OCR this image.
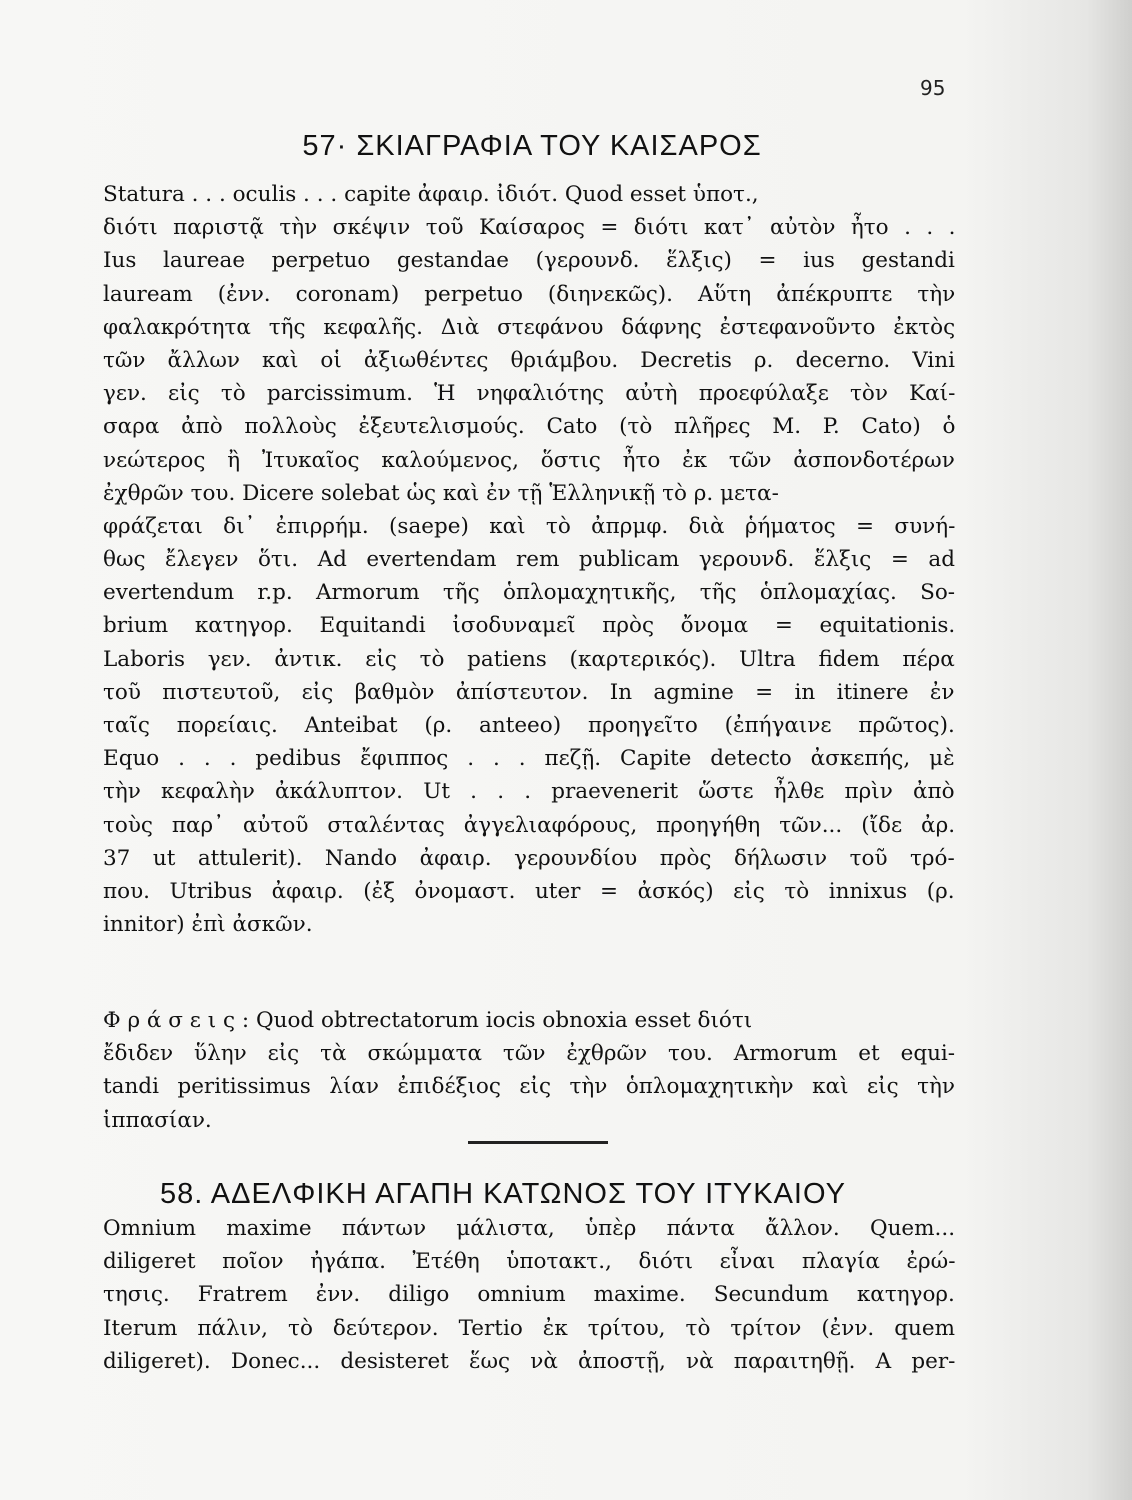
95
57· ΣΚΙΑΓΡΑΦΙΑ ΤΟΥ ΚΑΙΣΑΡΟΣ
Statura . . . oculis . . . capite ἀφαιρ. ἰδιότ. Quod esset ὑποτ.,
διότι παριστᾷ τὴν σκέψιν τοῦ Καίσαρος = διότι κατ᾽ αὐτὸν ἦτο . . .
Ius laureae perpetuo gestandae (γερουνδ. ἕλξις) = ius gestandi
lauream (ἐνν. coronam) perpetuo (διηνεκῶς). Αὕτη ἀπέκρυπτε τὴν
φαλακρότητα τῆς κεφαλῆς. Διὰ στεφάνου δάφνης ἐστεφανοῦντο ἐκτὸς
τῶν ἄλλων καὶ οἱ ἀξιωθέντες θριάμβου. Decretis ρ. decerno. Vini
γεν. εἰς τὸ parcissimum. Ἡ νηφαλιότης αὐτὴ προεφύλαξε τὸν Καί-
σαρα ἀπὸ πολλοὺς ἐξευτελισμούς. Cato (τὸ πλῆρες M. P. Cato) ὁ
νεώτερος ἢ Ἰτυκαῖος καλούμενος, ὅστις ἦτο ἐκ τῶν ἀσπονδοτέρων
ἐχθρῶν του. Dicere solebat ὡς καὶ ἐν τῇ Ἑλληνικῇ τὸ ρ. μετα-
φράζεται δι᾽ ἐπιρρήμ. (saepe) καὶ τὸ ἀπρμφ. διὰ ῥήματος = συνή-
θως ἔλεγεν ὅτι. Ad evertendam rem publicam γερουνδ. ἕλξις = ad
evertendum r.p. Armorum τῆς ὁπλομαχητικῆς, τῆς ὁπλομαχίας. So-
brium κατηγορ. Equitandi ἰσοδυναμεῖ πρὸς ὄνομα = equitationis.
Laboris γεν. ἀντικ. εἰς τὸ patiens (καρτερικός). Ultra fidem πέρα
τοῦ πιστευτοῦ, εἰς βαθμὸν ἀπίστευτον. In agmine = in itinere ἐν
ταῖς πορείαις. Anteibat (ρ. anteeo) προηγεῖτο (ἐπήγαινε πρῶτος).
Equo . . . pedibus ἔφιππος . . . πεζῇ. Capite detecto ἀσκεπής, μὲ
τὴν κεφαλὴν ἀκάλυπτον. Ut . . . praevenerit ὥστε ἦλθε πρὶν ἀπὸ
τοὺς παρ᾽ αὐτοῦ σταλέντας ἀγγελιαφόρους, προηγήθη τῶν... (ἴδε ἀρ.
37 ut attulerit). Nando ἀφαιρ. γερουνδίου πρὸς δήλωσιν τοῦ τρό-
που. Utribus ἀφαιρ. (ἐξ ὀνομαστ. uter = ἀσκός) εἰς τὸ innixus (ρ.
innitor) ἐπὶ ἀσκῶν.
Φ ρ ά σ ε ι ς : Quod obtrectatorum iocis obnoxia esset διότι
ἔδιδεν ὕλην εἰς τὰ σκώμματα τῶν ἐχθρῶν του. Armorum et equi-
tandi peritissimus λίαν ἐπιδέξιος εἰς τὴν ὁπλομαχητικὴν καὶ εἰς τὴν
ἱππασίαν.
58. ΑΔΕΛΦΙΚΗ ΑΓΑΠΗ ΚΑΤΩΝΟΣ ΤΟΥ ΙΤΥΚΑΙΟΥ
Omnium maxime πάντων μάλιστα, ὑπὲρ πάντα ἄλλον. Quem...
diligeret ποῖον ἠγάπα. Ἐτέθη ὑποτακτ., διότι εἶναι πλαγία ἐρώ-
τησις. Fratrem ἐνν. diligo omnium maxime. Secundum κατηγορ.
Iterum πάλιν, τὸ δεύτερον. Tertio ἐκ τρίτου, τὸ τρίτον (ἐνν. quem
diligeret). Donec... desisteret ἕως νὰ ἀποστῇ, νὰ παραιτηθῇ. A per-
